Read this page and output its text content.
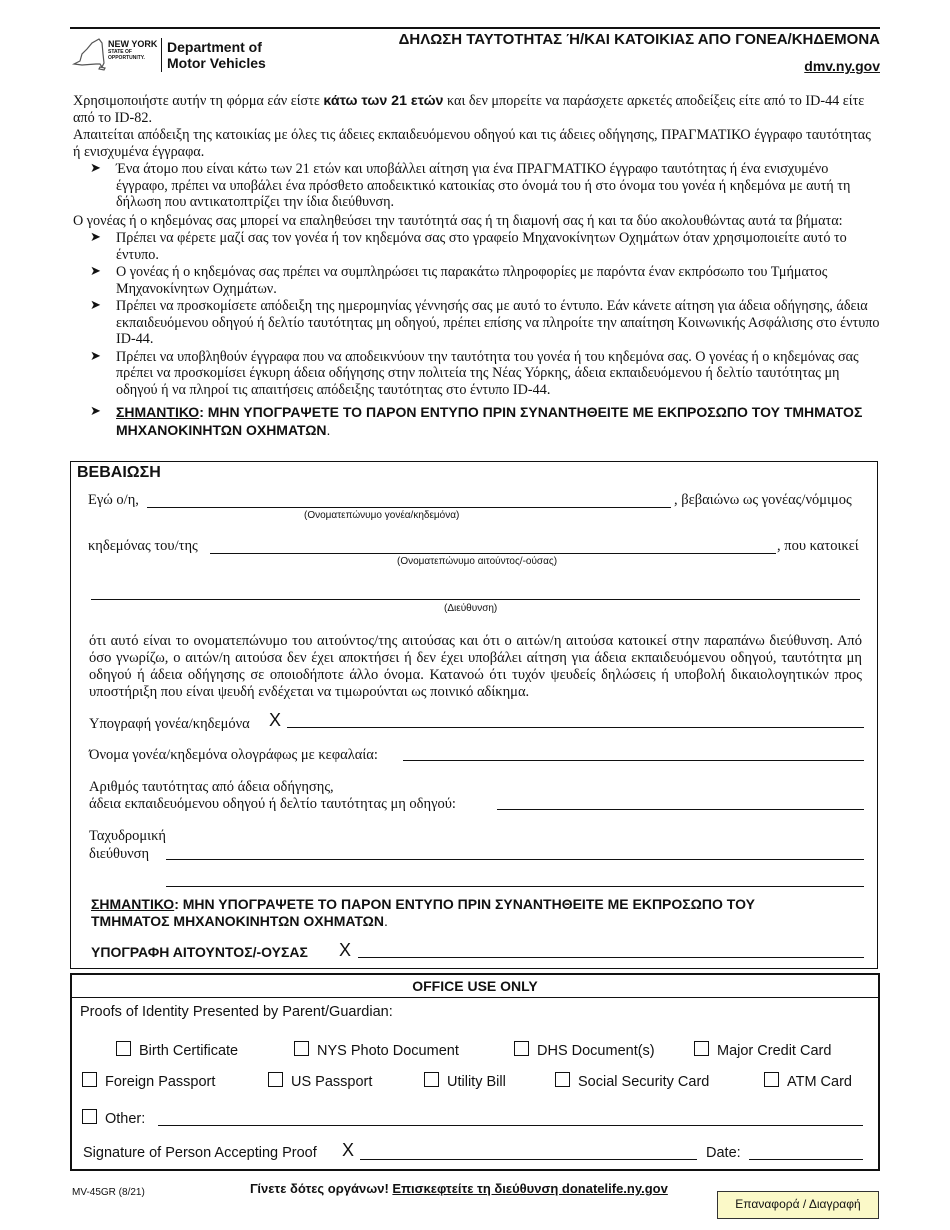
NEW YORK
STATE OF
OPPORTUNITY.
Department of
Motor Vehicles
ΔΗΛΩΣΗ ΤΑΥΤΟΤΗΤΑΣ Ή/ΚΑΙ ΚΑΤΟΙΚΙΑΣ ΑΠΟ ΓΟΝΕΑ/ΚΗΔΕΜΟΝΑ
dmv.ny.gov

Χρησιμοποιήστε αυτήν τη φόρμα εάν είστε κάτω των 21 ετών και δεν μπορείτε να παράσχετε αρκετές αποδείξεις είτε από το ID-44 είτε από το ID-82.

Απαιτείται απόδειξη της κατοικίας με όλες τις άδειες εκπαιδευόμενου οδηγού και τις άδειες οδήγησης, ΠΡΑΓΜΑΤΙΚΟ έγγραφο ταυτότητας ή ενισχυμένα έγγραφα.

➤ Ένα άτομο που είναι κάτω των 21 ετών και υποβάλλει αίτηση για ένα ΠΡΑΓΜΑΤΙΚΟ έγγραφο ταυτότητας ή ένα ενισχυμένο έγγραφο, πρέπει να υποβάλει ένα πρόσθετο αποδεικτικό κατοικίας στο όνομά του ή στο όνομα του γονέα ή κηδεμόνα με αυτή τη δήλωση που αντικατοπτρίζει την ίδια διεύθυνση.

Ο γονέας ή ο κηδεμόνας σας μπορεί να επαληθεύσει την ταυτότητά σας ή τη διαμονή σας ή και τα δύο ακολουθώντας αυτά τα βήματα:

➤ Πρέπει να φέρετε μαζί σας τον γονέα ή τον κηδεμόνα σας στο γραφείο Μηχανοκίνητων Οχημάτων όταν χρησιμοποιείτε αυτό το έντυπο.
➤ Ο γονέας ή ο κηδεμόνας σας πρέπει να συμπληρώσει τις παρακάτω πληροφορίες με παρόντα έναν εκπρόσωπο του Τμήματος Μηχανοκίνητων Οχημάτων.
➤ Πρέπει να προσκομίσετε απόδειξη της ημερομηνίας γέννησής σας με αυτό το έντυπο. Εάν κάνετε αίτηση για άδεια οδήγησης, άδεια εκπαιδευόμενου οδηγού ή δελτίο ταυτότητας μη οδηγού, πρέπει επίσης να πληροίτε την απαίτηση Κοινωνικής Ασφάλισης στο έντυπο ID-44.
➤ Πρέπει να υποβληθούν έγγραφα που να αποδεικνύουν την ταυτότητα του γονέα ή του κηδεμόνα σας. Ο γονέας ή ο κηδεμόνας σας πρέπει να προσκομίσει έγκυρη άδεια οδήγησης στην πολιτεία της Νέας Υόρκης, άδεια εκπαιδευόμενου ή δελτίο ταυτότητας μη οδηγού ή να πληροί τις απαιτήσεις απόδειξης ταυτότητας στο έντυπο ID-44.
➤ ΣΗΜΑΝΤΙΚΟ: ΜΗΝ ΥΠΟΓΡΑΨΕΤΕ ΤΟ ΠΑΡΟΝ ΕΝΤΥΠΟ ΠΡΙΝ ΣΥΝΑΝΤΗΘΕΙΤΕ ΜΕ ΕΚΠΡΟΣΩΠΟ ΤΟΥ ΤΜΗΜΑΤΟΣ ΜΗΧΑΝΟΚΙΝΗΤΩΝ ΟΧΗΜΑΤΩΝ.
ΒΕΒΑΙΩΣΗ
Εγώ ο/η,	, βεβαιώνω ως γονέας/νόμιμος
(Ονοματεπώνυμο γονέα/κηδεμόνα)
κηδεμόνας του/της	, που κατοικεί
(Ονοματεπώνυμο αιτούντος/-ούσας)
(Διεύθυνση)
ότι αυτό είναι το ονοματεπώνυμο του αιτούντος/της αιτούσας και ότι ο αιτών/η αιτούσα κατοικεί στην παραπάνω διεύθυνση. Από όσο γνωρίζω, ο αιτών/η αιτούσα δεν έχει αποκτήσει ή δεν έχει υποβάλει αίτηση για άδεια εκπαιδευόμενου οδηγού, ταυτότητα μη οδηγού ή άδεια οδήγησης σε οποιοδήποτε άλλο όνομα. Κατανοώ ότι τυχόν ψευδείς δηλώσεις ή υποβολή δικαιολογητικών προς υποστήριξη που είναι ψευδή ενδέχεται να τιμωρούνται ως ποινικό αδίκημα.
Υπογραφή γονέα/κηδεμόνα X
Όνομα γονέα/κηδεμόνα ολογράφως με κεφαλαία:
Αριθμός ταυτότητας από άδεια οδήγησης,
άδεια εκπαιδευόμενου οδηγού ή δελτίο ταυτότητας μη οδηγού:
Ταχυδρομική
διεύθυνση
ΣΗΜΑΝΤΙΚΟ: ΜΗΝ ΥΠΟΓΡΑΨΕΤΕ ΤΟ ΠΑΡΟΝ ΕΝΤΥΠΟ ΠΡΙΝ ΣΥΝΑΝΤΗΘΕΙΤΕ ΜΕ ΕΚΠΡΟΣΩΠΟ ΤΟΥ
ΤΜΗΜΑΤΟΣ ΜΗΧΑΝΟΚΙΝΗΤΩΝ ΟΧΗΜΑΤΩΝ.
ΥΠΟΓΡΑΦΗ ΑΙΤΟΥΝΤΟΣ/-ΟΥΣΑΣ X
OFFICE USE ONLY
Proofs of Identity Presented by Parent/Guardian:
Birth Certificate	NYS Photo Document	DHS Document(s)	Major Credit Card
Foreign Passport	US Passport	Utility Bill	Social Security Card	ATM Card
Other:
Signature of Person Accepting Proof X	Date:
MV-45GR (8/21)	Γίνετε δότες οργάνων! Επισκεφτείτε τη διεύθυνση donatelife.ny.gov
Επαναφορά / Διαγραφή
